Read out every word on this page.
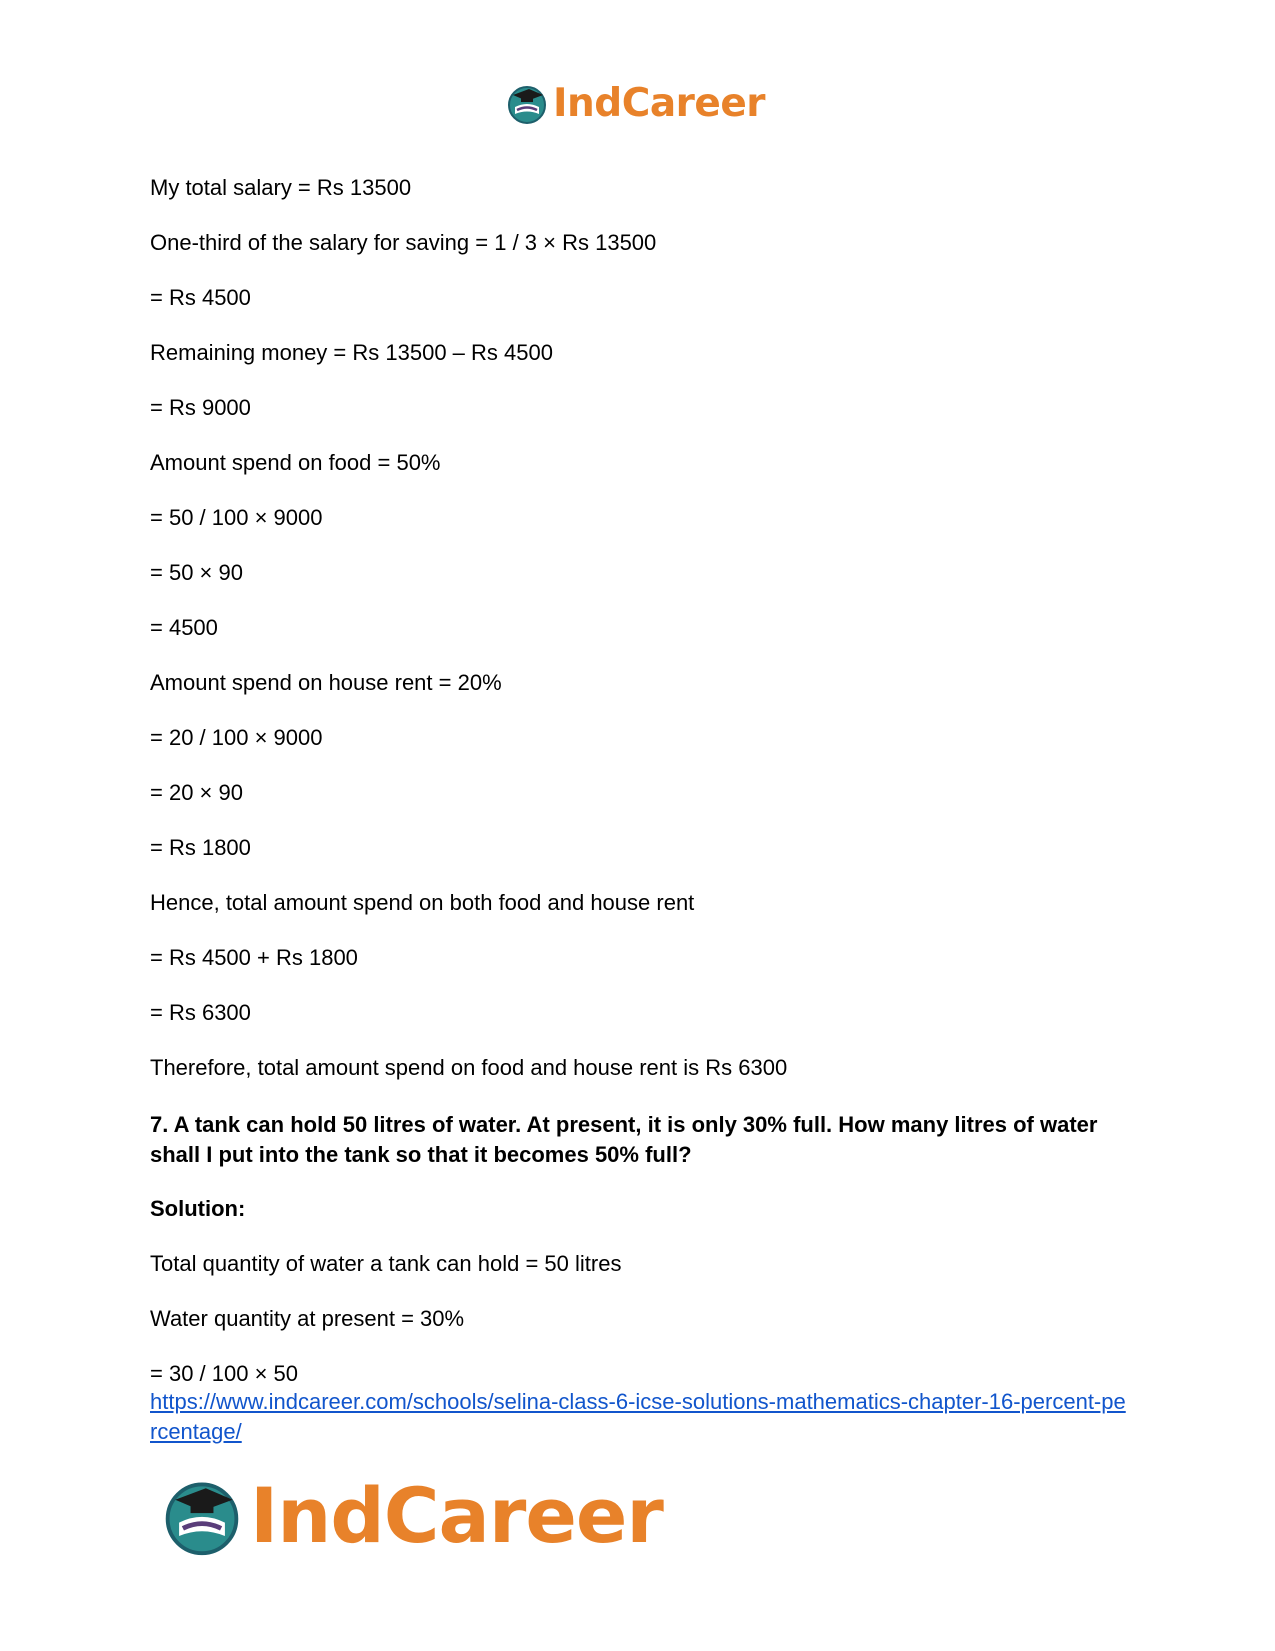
IndCareer
My total salary = Rs 13500
One-third of the salary for saving = 1 / 3 × Rs 13500
= Rs 4500
Remaining money = Rs 13500 – Rs 4500
= Rs 9000
Amount spend on food = 50%
= 50 / 100 × 9000
= 50 × 90
= 4500
Amount spend on house rent = 20%
= 20 / 100 × 9000
= 20 × 90
= Rs 1800
Hence, total amount spend on both food and house rent
= Rs 4500 + Rs 1800
= Rs 6300
Therefore, total amount spend on food and house rent is Rs 6300
7. A tank can hold 50 litres of water. At present, it is only 30% full. How many litres of water shall I put into the tank so that it becomes 50% full?
Solution:
Total quantity of water a tank can hold = 50 litres
Water quantity at present = 30%
= 30 / 100 × 50
https://www.indcareer.com/schools/selina-class-6-icse-solutions-mathematics-chapter-16-percent-percentage/
IndCareer
